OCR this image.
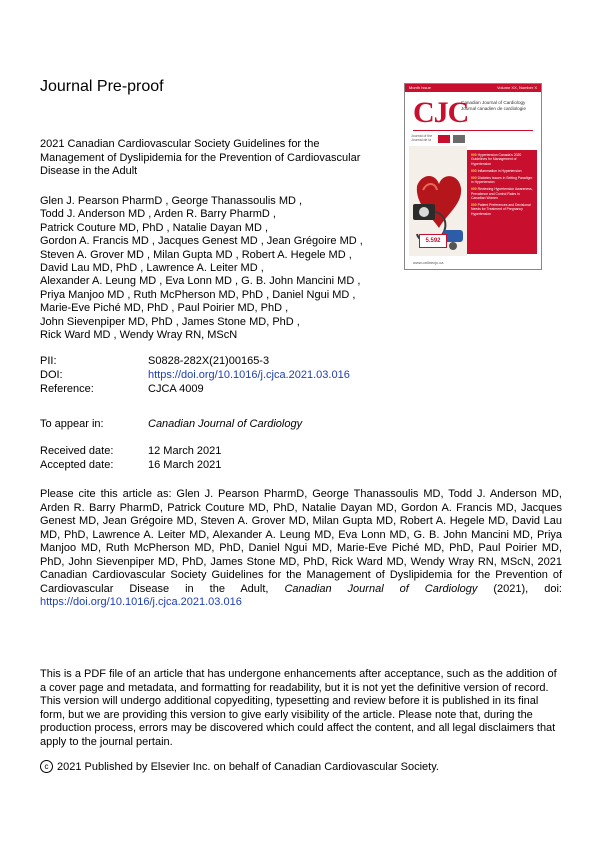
Journal Pre-proof
2021 Canadian Cardiovascular Society Guidelines for the
Management of Dyslipidemia for the Prevention of Cardiovascular
Disease in the Adult
Glen J. Pearson PharmD , George Thanassoulis MD ,
Todd J. Anderson MD , Arden R. Barry PharmD ,
Patrick Couture MD, PhD , Natalie Dayan MD ,
Gordon A. Francis MD , Jacques Genest MD , Jean Grégoire MD ,
Steven A. Grover MD , Milan Gupta MD , Robert A. Hegele MD ,
David Lau MD, PhD , Lawrence A. Leiter MD ,
Alexander A. Leung MD , Eva Lonn MD , G. B. John Mancini MD ,
Priya Manjoo MD , Ruth McPherson MD, PhD , Daniel Ngui MD ,
Marie-Eve Piché MD, PhD , Paul Poirier MD, PhD ,
John Sievenpiper MD, PhD , James Stone MD, PhD ,
Rick Ward MD , Wendy Wray RN, MScN
Month Issue	Volume XX, Number X
CJC
Canadian Journal of Cardiology
Journal canadien de cardiologie
Journal of the Journal de la
000 Hypertension Canada's 2020 Guidelines for Management of Hypertension
000 Inflammation in Hypertension
000 Diabetes Issues in Setting Paradigm in Hypertension
000 Reviewing Hypertension Awareness, Prevalence and Control Rates in Canadian Women
000 Patient Preferences and Decisional Needs for Treatment of Pregnancy Hypertension
5.592
www.onlinecjc.ca
PII:	S0828-282X(21)00165-3
DOI:	https://doi.org/10.1016/j.cjca.2021.03.016
Reference:	CJCA 4009
To appear in:	Canadian Journal of Cardiology
Received date:	12 March 2021
Accepted date:	16 March 2021
Please cite this article as: Glen J. Pearson PharmD, George Thanassoulis MD, Todd J. Anderson MD, Arden R. Barry PharmD, Patrick Couture MD, PhD, Natalie Dayan MD, Gordon A. Francis MD, Jacques Genest MD, Jean Grégoire MD, Steven A. Grover MD, Milan Gupta MD, Robert A. Hegele MD, David Lau MD, PhD, Lawrence A. Leiter MD, Alexander A. Leung MD, Eva Lonn MD, G. B. John Mancini MD, Priya Manjoo MD, Ruth McPherson MD, PhD, Daniel Ngui MD, Marie-Eve Piché MD, PhD, Paul Poirier MD, PhD, John Sievenpiper MD, PhD, James Stone MD, PhD, Rick Ward MD, Wendy Wray RN, MScN, 2021 Canadian Cardiovascular Society Guidelines for the Management of Dyslipidemia for the Prevention of Cardiovascular Disease in the Adult, Canadian Journal of Cardiology (2021), doi: https://doi.org/10.1016/j.cjca.2021.03.016
This is a PDF file of an article that has undergone enhancements after acceptance, such as the addition of a cover page and metadata, and formatting for readability, but it is not yet the definitive version of record. This version will undergo additional copyediting, typesetting and review before it is published in its final form, but we are providing this version to give early visibility of the article. Please note that, during the production process, errors may be discovered which could affect the content, and all legal disclaimers that apply to the journal pertain.
c 2021 Published by Elsevier Inc. on behalf of Canadian Cardiovascular Society.
